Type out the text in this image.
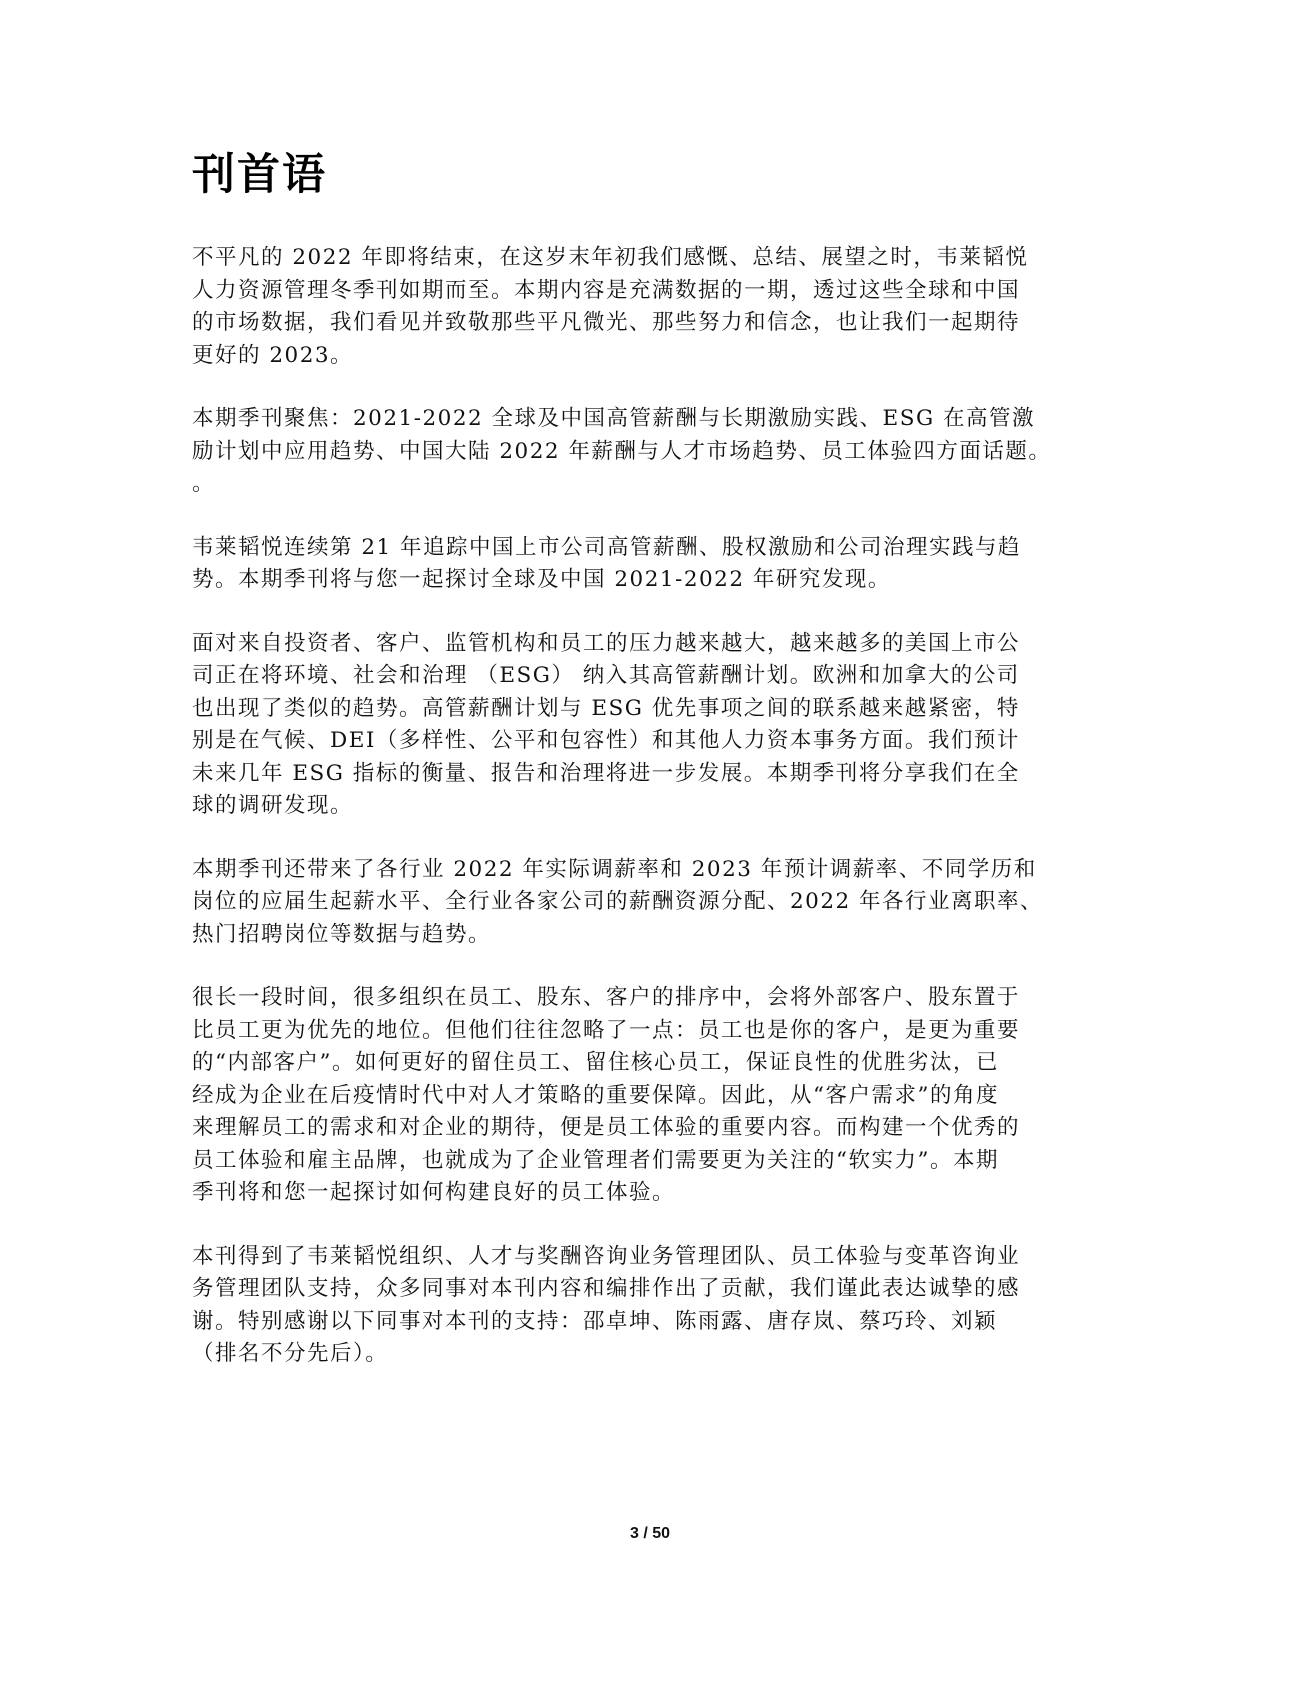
刊首语

不平凡的 2022 年即将结束，在这岁末年初我们感慨、总结、展望之时，韦莱韬悦
人力资源管理冬季刊如期而至。本期内容是充满数据的一期，透过这些全球和中国
的市场数据，我们看见并致敬那些平凡微光、那些努力和信念，也让我们一起期待
更好的 2023。

本期季刊聚焦：2021-2022 全球及中国高管薪酬与长期激励实践、ESG 在高管激
励计划中应用趋势、中国大陆 2022 年薪酬与人才市场趋势、员工体验四方面话题。
。

韦莱韬悦连续第 21 年追踪中国上市公司高管薪酬、股权激励和公司治理实践与趋
势。本期季刊将与您一起探讨全球及中国 2021-2022 年研究发现。

面对来自投资者、客户、监管机构和员工的压力越来越大，越来越多的美国上市公
司正在将环境、社会和治理 （ESG） 纳入其高管薪酬计划。欧洲和加拿大的公司
也出现了类似的趋势。高管薪酬计划与 ESG 优先事项之间的联系越来越紧密，特
别是在气候、DEI（多样性、公平和包容性）和其他人力资本事务方面。我们预计
未来几年 ESG 指标的衡量、报告和治理将进一步发展。本期季刊将分享我们在全
球的调研发现。

本期季刊还带来了各行业 2022 年实际调薪率和 2023 年预计调薪率、不同学历和
岗位的应届生起薪水平、全行业各家公司的薪酬资源分配、2022 年各行业离职率、
热门招聘岗位等数据与趋势。

很长一段时间，很多组织在员工、股东、客户的排序中，会将外部客户、股东置于
比员工更为优先的地位。但他们往往忽略了一点：员工也是你的客户，是更为重要
的“内部客户”。如何更好的留住员工、留住核心员工，保证良性的优胜劣汰，已
经成为企业在后疫情时代中对人才策略的重要保障。因此，从“客户需求”的角度
来理解员工的需求和对企业的期待，便是员工体验的重要内容。而构建一个优秀的
员工体验和雇主品牌，也就成为了企业管理者们需要更为关注的“软实力”。本期
季刊将和您一起探讨如何构建良好的员工体验。

本刊得到了韦莱韬悦组织、人才与奖酬咨询业务管理团队、员工体验与变革咨询业
务管理团队支持，众多同事对本刊内容和编排作出了贡献，我们谨此表达诚挚的感
谢。特别感谢以下同事对本刊的支持：邵卓坤、陈雨露、唐存岚、蔡巧玲、刘颖
（排名不分先后）。

3 / 50
